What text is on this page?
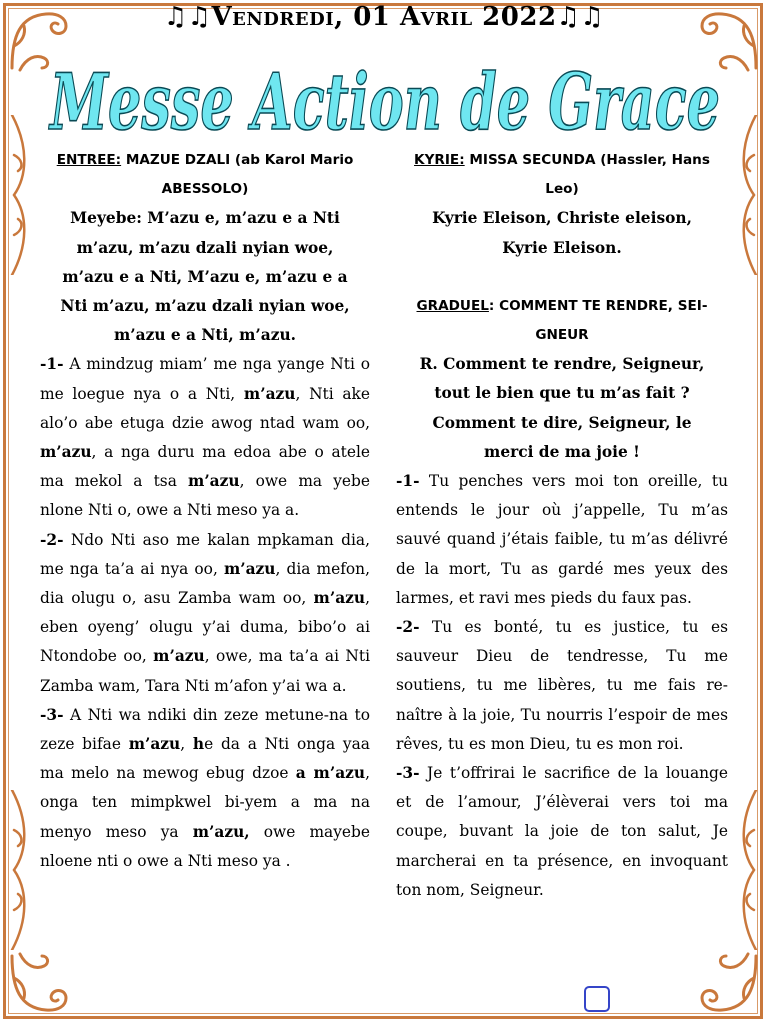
♫♫Vendredi, 01 Avril 2022♫♫
Messe Action de Grace
ENTREE: MAZUE DZALI (ab Karol Mario ABESSOLO)
Meyebe: M’azu e, m’azu e a Nti
m’azu, m’azu dzali nyian woe,
m’azu e a Nti, M’azu e, m’azu e a
Nti m’azu, m’azu dzali nyian woe,
m’azu e a Nti, m’azu.
-1- A mindzug miam’ me nga yange Nti o me loegue nya o a Nti, m’azu, Nti ake alo’o abe etuga dzie awog ntad wam oo, m’azu, a nga duru ma edoa abe o atele ma mekol a tsa m’azu, owe ma yebe nlone Nti o, owe a Nti meso ya a.
-2- Ndo Nti aso me kalan mpkaman dia, me nga ta’a ai nya oo, m’azu, dia mefon, dia olugu o, asu Zamba wam oo, m’azu, eben oyeng’ olugu y’ai duma, bibo’o ai Ntondobe oo, m’azu, owe, ma ta’a ai Nti Zamba wam, Tara Nti m’afon y’ai wa a.
-3- A Nti wa ndiki din zeze metune-na to zeze bifae m’azu, he da a Nti onga yaa ma melo na mewog ebug dzoe a m’azu, onga ten mimpkwel bi-yem a ma na menyo meso ya m’azu, owe mayebe nloene nti o owe a Nti meso ya .
KYRIE: MISSA SECUNDA (Hassler, Hans Leo)
Kyrie Eleison, Christe eleison,
Kyrie Eleison.
GRADUEL: COMMENT TE RENDRE, SEI-GNEUR
R. Comment te rendre, Seigneur,
tout le bien que tu m’as fait ?
Comment te dire, Seigneur, le
merci de ma joie !
-1- Tu penches vers moi ton oreille, tu entends le jour où j’appelle, Tu m’as sauvé quand j’étais faible, tu m’as délivré de la mort, Tu as gardé mes yeux des larmes, et ravi mes pieds du faux pas.
-2- Tu es bonté, tu es justice, tu es sauveur Dieu de tendresse, Tu me soutiens, tu me libères, tu me fais re-naître à la joie, Tu nourris l’espoir de mes rêves, tu es mon Dieu, tu es mon roi.
-3- Je t’offrirai le sacrifice de la louange et de l’amour, J’élèverai vers toi ma coupe, buvant la joie de ton salut, Je marcherai en ta présence, en invoquant ton nom, Seigneur.
